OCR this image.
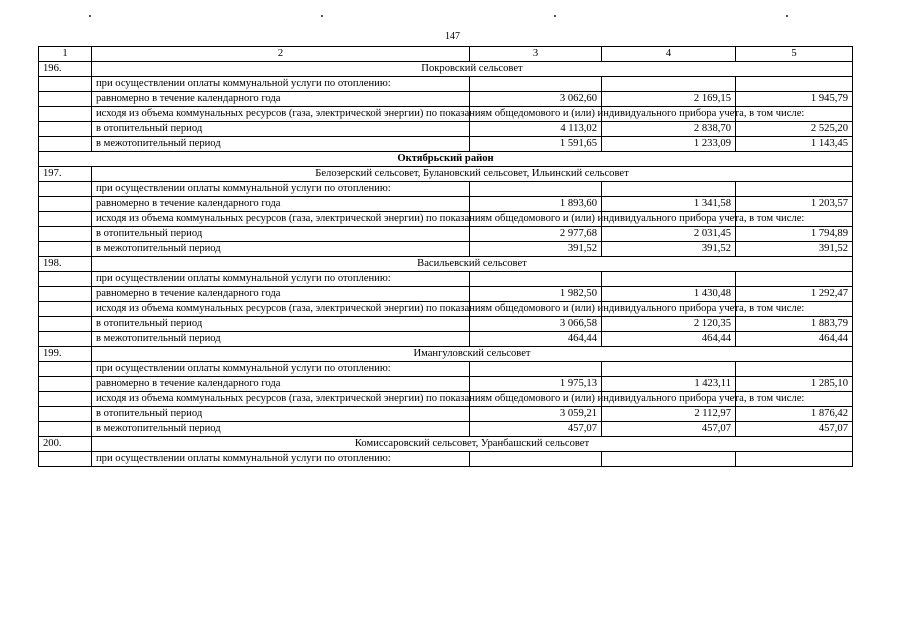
147
1	2	3	4	5
196.	Покровский сельсовет			
	при осуществлении оплаты коммунальной услуги по отоплению:			
	равномерно в течение календарного года	3 062,60	2 169,15	1 945,79
	исходя из объема коммунальных ресурсов (газа, электрической энергии) по показаниям общедомового и (или) индивидуального прибора учета, в том числе:			
	в отопительный период	4 113,02	2 838,70	2 525,20
	в межотопительный период	1 591,65	1 233,09	1 143,45
Октябрьский район				
197.	Белозерский сельсовет, Булановский сельсовет, Ильинский сельсовет			
	при осуществлении оплаты коммунальной услуги по отоплению:			
	равномерно в течение календарного года	1 893,60	1 341,58	1 203,57
	исходя из объема коммунальных ресурсов (газа, электрической энергии) по показаниям общедомового и (или) индивидуального прибора учета, в том числе:			
	в отопительный период	2 977,68	2 031,45	1 794,89
	в межотопительный период	391,52	391,52	391,52
198.	Васильевский сельсовет			
	при осуществлении оплаты коммунальной услуги по отоплению:			
	равномерно в течение календарного года	1 982,50	1 430,48	1 292,47
	исходя из объема коммунальных ресурсов (газа, электрической энергии) по показаниям общедомового и (или) индивидуального прибора учета, в том числе:			
	в отопительный период	3 066,58	2 120,35	1 883,79
	в межотопительный период	464,44	464,44	464,44
199.	Имангуловский сельсовет			
	при осуществлении оплаты коммунальной услуги по отоплению:			
	равномерно в течение календарного года	1 975,13	1 423,11	1 285,10
	исходя из объема коммунальных ресурсов (газа, электрической энергии) по показаниям общедомового и (или) индивидуального прибора учета, в том числе:			
	в отопительный период	3 059,21	2 112,97	1 876,42
	в межотопительный период	457,07	457,07	457,07
200.	Комиссаровский сельсовет, Уранбашский сельсовет			
	при осуществлении оплаты коммунальной услуги по отоплению:			
